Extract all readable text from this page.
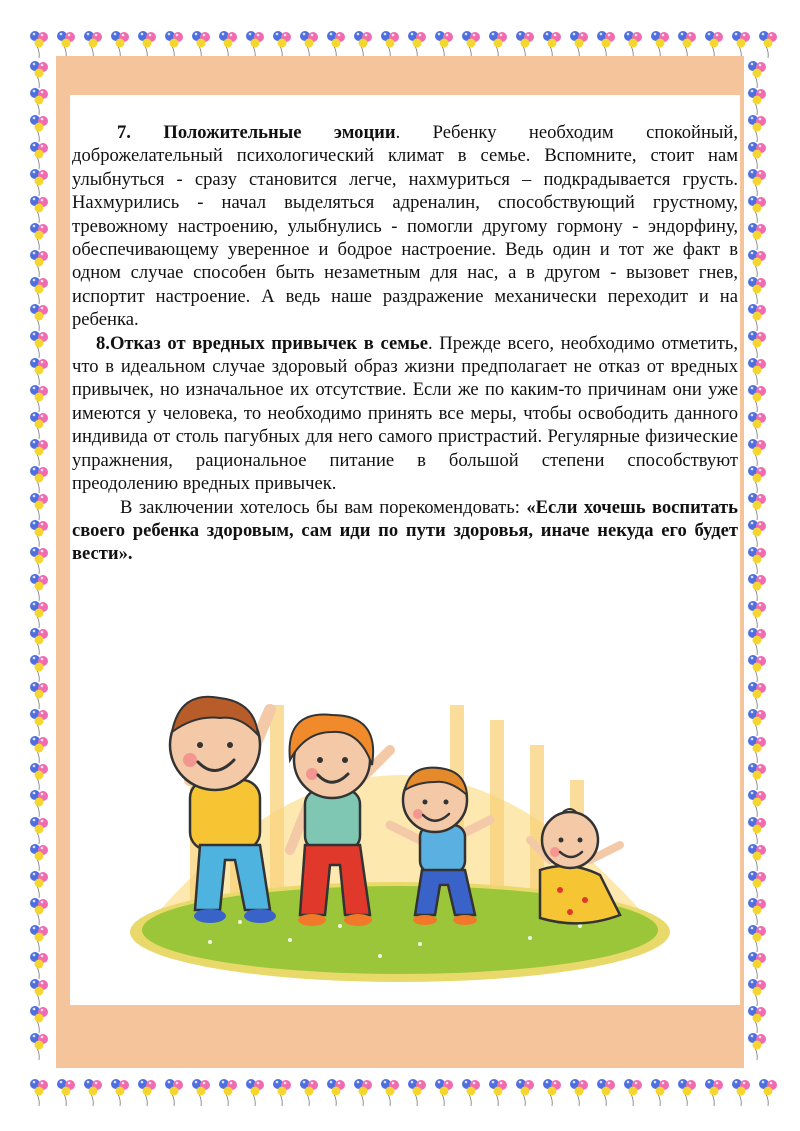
7. Положительные эмоции. Ребенку необходим спокойный, доброжелательный психологический климат в семье. Вспомните, стоит нам улыбнуться - сразу становится легче, нахмуриться – подкрадывается грусть. Нахмурились - начал выделяться адреналин, способствующий грустному, тревожному настроению, улыбнулись - помогли другому гормону - эндорфину, обеспечивающему уверенное и бодрое настроение. Ведь один и тот же факт в одном случае способен быть незаметным для нас, а в другом - вызовет гнев, испортит настроение. А ведь наше раздражение механически переходит и на ребенка.

8.Отказ от вредных привычек в семье. Прежде всего, необходимо отметить, что в идеальном случае здоровый образ жизни предполагает не отказ от вредных привычек, но изначальное их отсутствие. Если же по каким-то причинам они уже имеются у человека, то необходимо принять все меры, чтобы освободить данного индивида от столь пагубных для него самого пристрастий. Регулярные физические упражнения, рациональное питание в большой степени способствуют преодолению вредных привычек.

В заключении хотелось бы вам порекомендовать: «Если хочешь воспитать своего ребенка здоровым, сам иди по пути здоровья, иначе некуда его будет вести».
